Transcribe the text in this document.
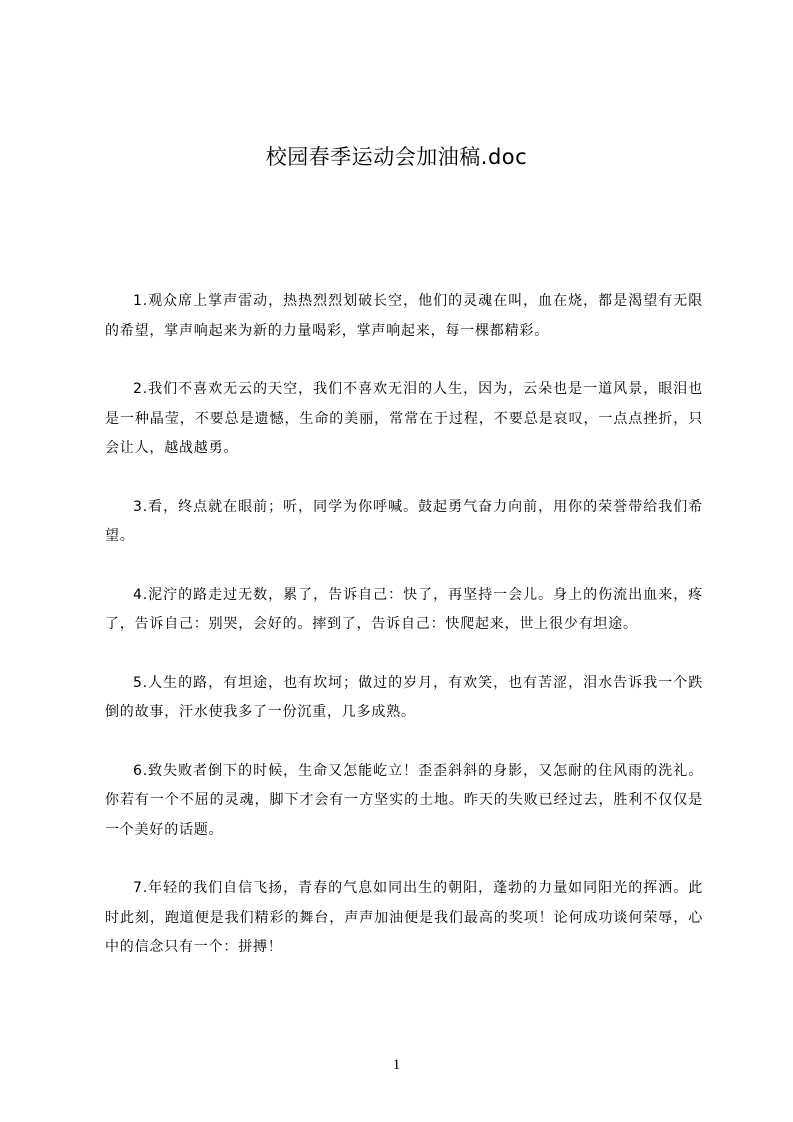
校园春季运动会加油稿.doc

1.观众席上掌声雷动，热热烈烈划破长空，他们的灵魂在叫，血在烧，都是渴望有无限的希望，掌声响起来为新的力量喝彩，掌声响起来，每一棵都精彩。

2.我们不喜欢无云的天空，我们不喜欢无泪的人生，因为，云朵也是一道风景，眼泪也是一种晶莹，不要总是遗憾，生命的美丽，常常在于过程，不要总是哀叹，一点点挫折，只会让人，越战越勇。

3.看，终点就在眼前；听，同学为你呼喊。鼓起勇气奋力向前，用你的荣誉带给我们希望。

4.泥泞的路走过无数，累了，告诉自己：快了，再坚持一会儿。身上的伤流出血来，疼了，告诉自己：别哭，会好的。摔到了，告诉自己：快爬起来，世上很少有坦途。

5.人生的路，有坦途，也有坎坷；做过的岁月，有欢笑，也有苦涩，泪水告诉我一个跌倒的故事，汗水使我多了一份沉重，几多成熟。

6.致失败者倒下的时候，生命又怎能屹立！歪歪斜斜的身影，又怎耐的住风雨的洗礼。你若有一个不屈的灵魂，脚下才会有一方坚实的土地。昨天的失败已经过去，胜利不仅仅是一个美好的话题。

7.年轻的我们自信飞扬，青春的气息如同出生的朝阳，蓬勃的力量如同阳光的挥洒。此时此刻，跑道便是我们精彩的舞台，声声加油便是我们最高的奖项！论何成功谈何荣辱，心中的信念只有一个：拼搏！

1
